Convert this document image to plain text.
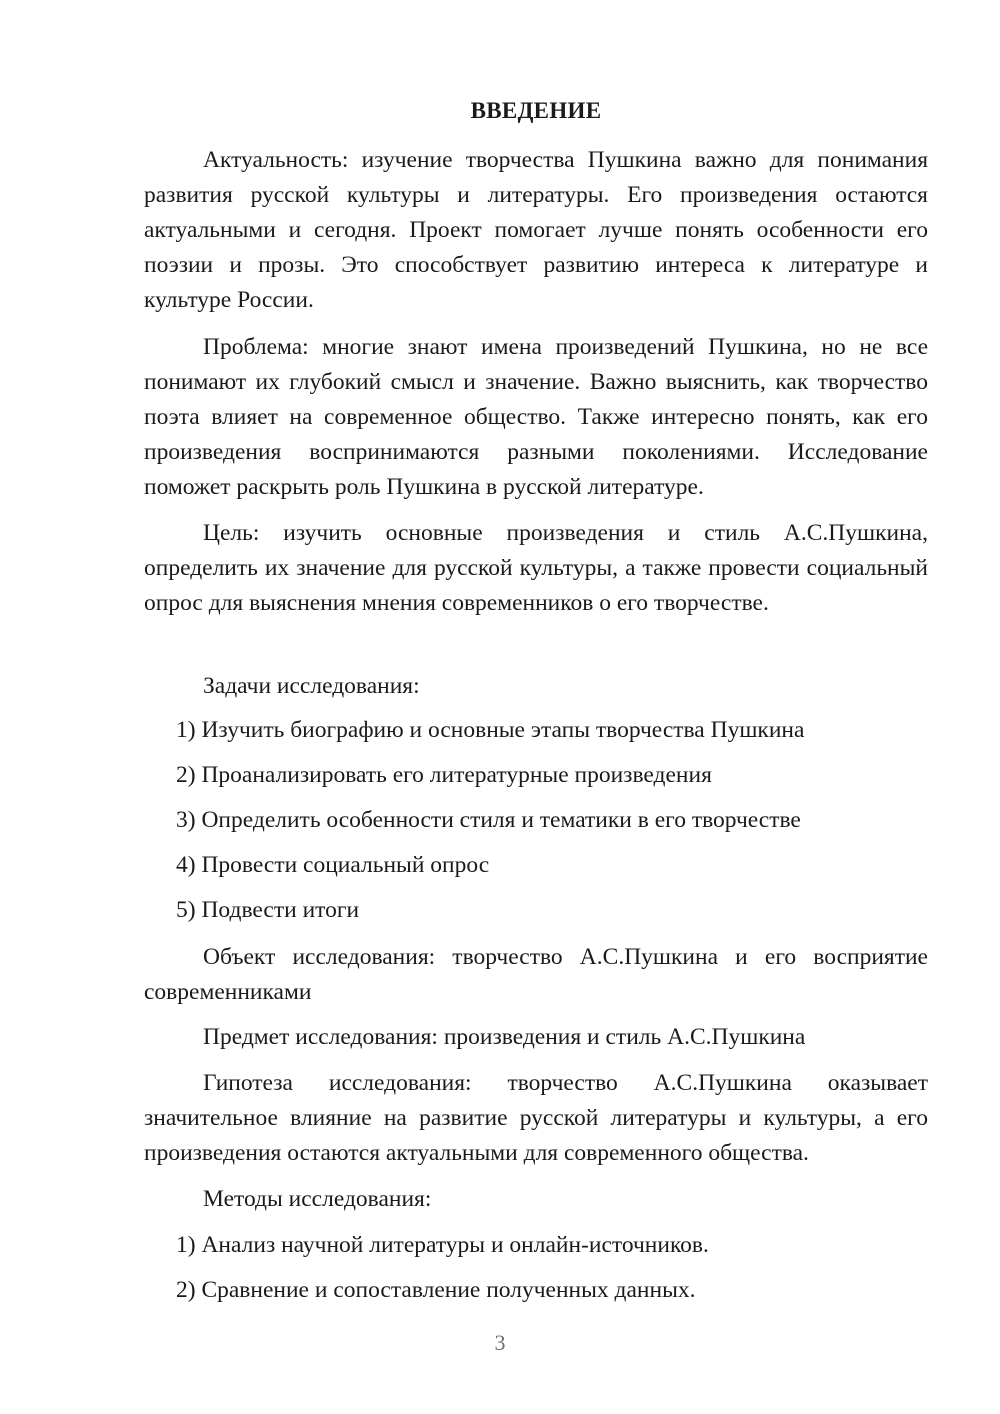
ВВЕДЕНИЕ

Актуальность: изучение творчества Пушкина важно для понимания развития русской культуры и литературы. Его произведения остаются актуальными и сегодня. Проект помогает лучше понять особенности его поэзии и прозы. Это способствует развитию интереса к литературе и культуре России.

Проблема: многие знают имена произведений Пушкина, но не все понимают их глубокий смысл и значение. Важно выяснить, как творчество поэта влияет на современное общество. Также интересно понять, как его произведения воспринимаются разными поколениями. Исследование поможет раскрыть роль Пушкина в русской литературе.

Цель: изучить основные произведения и стиль А.С.Пушкина, определить их значение для русской культуры, а также провести социальный опрос для выяснения мнения современников о его творчестве.

Задачи исследования:

1) Изучить биографию и основные этапы творчества Пушкина

2) Проанализировать его литературные произведения

3) Определить особенности стиля и тематики в его творчестве

4) Провести социальный опрос

5) Подвести итоги

Объект исследования: творчество А.С.Пушкина и его восприятие современниками

Предмет исследования: произведения и стиль А.С.Пушкина

Гипотеза исследования: творчество А.С.Пушкина оказывает значительное влияние на развитие русской литературы и культуры, а его произведения остаются актуальными для современного общества.

Методы исследования:

1) Анализ научной литературы и онлайн-источников.

2) Сравнение и сопоставление полученных данных.

3
